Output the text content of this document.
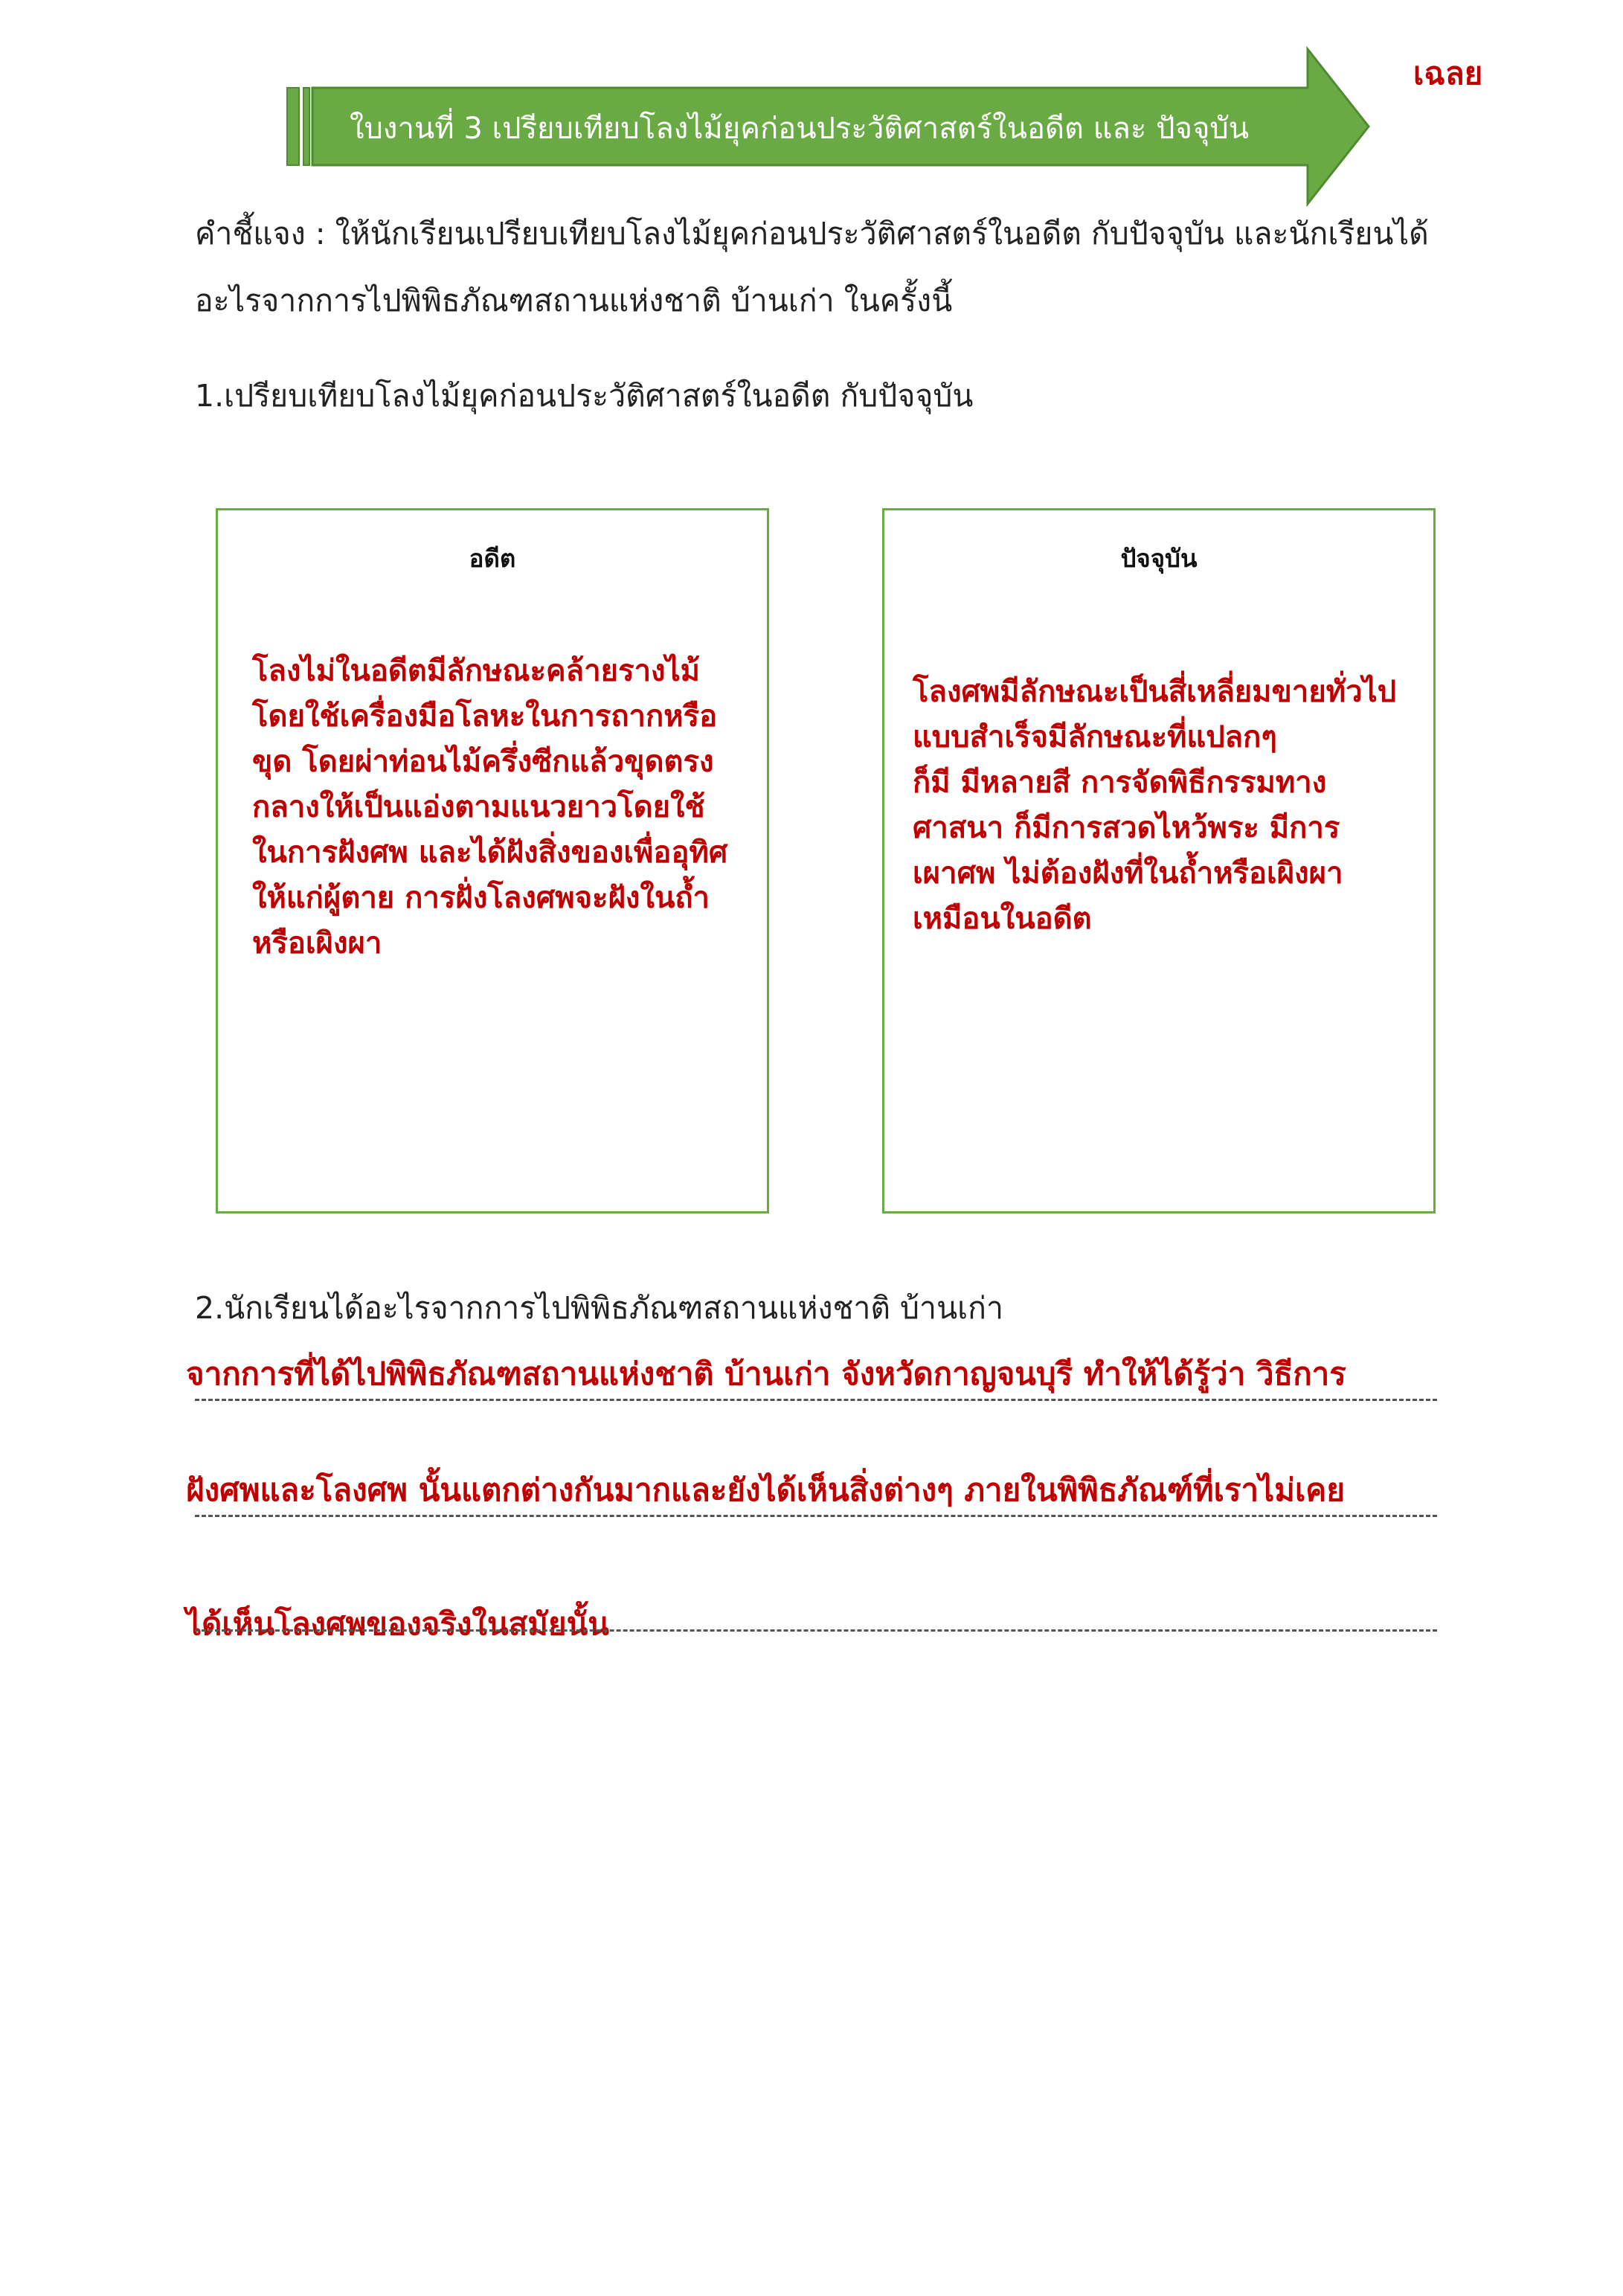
เฉลย
ใบงานที่ 3 เปรียบเทียบโลงไม้ยุคก่อนประวัติศาสตร์ในอดีต และ ปัจจุบัน
คำชี้แจง : ให้นักเรียนเปรียบเทียบโลงไม้ยุคก่อนประวัติศาสตร์ในอดีต กับปัจจุบัน และนักเรียนได้
อะไรจากการไปพิพิธภัณฑสถานแห่งชาติ บ้านเก่า ในครั้งนี้
1.เปรียบเทียบโลงไม้ยุคก่อนประวัติศาสตร์ในอดีต กับปัจจุบัน
อดีต
โลงไม่ในอดีตมีลักษณะคล้ายรางไม้
โดยใช้เครื่องมือโลหะในการถากหรือ
ขุด โดยผ่าท่อนไม้ครึ่งซีกแล้วขุดตรง
กลางให้เป็นแอ่งตามแนวยาวโดยใช้
ในการฝังศพ และได้ฝังสิ่งของเพื่ออุทิศ
ให้แก่ผู้ตาย การฝั่งโลงศพจะฝังในถ้ำ
หรือเผิงผา
ปัจจุบัน
โลงศพมีลักษณะเป็นสี่เหลี่ยมขายทั่วไป
แบบสำเร็จมีลักษณะที่แปลกๆ
ก็มี มีหลายสี การจัดพิธีกรรมทาง
ศาสนา ก็มีการสวดไหว้พระ มีการ
เผาศพ ไม่ต้องฝังที่ในถ้ำหรือเผิงผา
เหมือนในอดีต
2.นักเรียนได้อะไรจากการไปพิพิธภัณฑสถานแห่งชาติ บ้านเก่า
จากการที่ได้ไปพิพิธภัณฑสถานแห่งชาติ บ้านเก่า จังหวัดกาญจนบุรี ทำให้ได้รู้ว่า วิธีการ
ฝังศพและโลงศพ นั้นแตกต่างกันมากและยังได้เห็นสิ่งต่างๆ ภายในพิพิธภัณฑ์ที่เราไม่เคย
ได้เห็นโลงศพของจริงในสมัยนั้น
